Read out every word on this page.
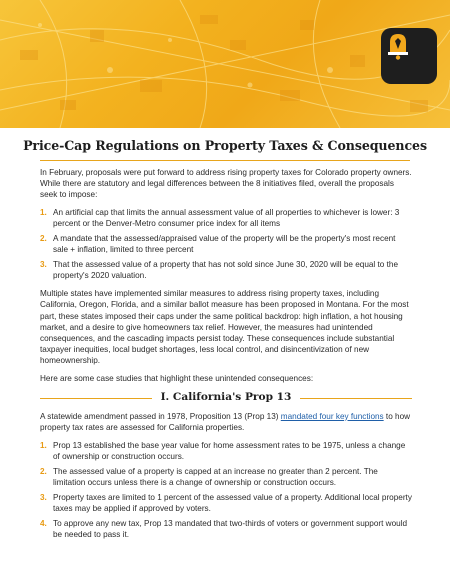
Price-Cap Regulations on Property Taxes & Consequences

In February, proposals were put forward to address rising property taxes for Colorado property owners. While there are statutory and legal differences between the 8 initiatives filed, overall the proposals seek to impose:

1. An artificial cap that limits the annual assessment value of all properties to whichever is lower: 3 percent or the Denver-Metro consumer price index for all items
2. A mandate that the assessed/appraised value of the property will be the property's most recent sale + inflation, limited to three percent
3. That the assessed value of a property that has not sold since June 30, 2020 will be equal to the property's 2020 valuation.

Multiple states have implemented similar measures to address rising property taxes, including California, Oregon, Florida, and a similar ballot measure has been proposed in Montana. For the most part, these states imposed their caps under the same political backdrop: high inflation, a hot housing market, and a desire to give homeowners tax relief. However, the measures had unintended consequences, and the cascading impacts persist today. These consequences include substantial taxpayer inequities, local budget shortages, less local control, and disincentivization of new homeownership.

Here are some case studies that highlight these unintended consequences:

I. California's Prop 13

A statewide amendment passed in 1978, Proposition 13 (Prop 13) mandated four key functions to how property tax rates are assessed for California properties.

1. Prop 13 established the base year value for home assessment rates to be 1975, unless a change of ownership or construction occurs.
2. The assessed value of a property is capped at an increase no greater than 2 percent. The limitation occurs unless there is a change of ownership or construction occurs.
3. Property taxes are limited to 1 percent of the assessed value of a property. Additional local property taxes may be applied if approved by voters.
4. To approve any new tax, Prop 13 mandated that two-thirds of voters or government support would be needed to pass it.
